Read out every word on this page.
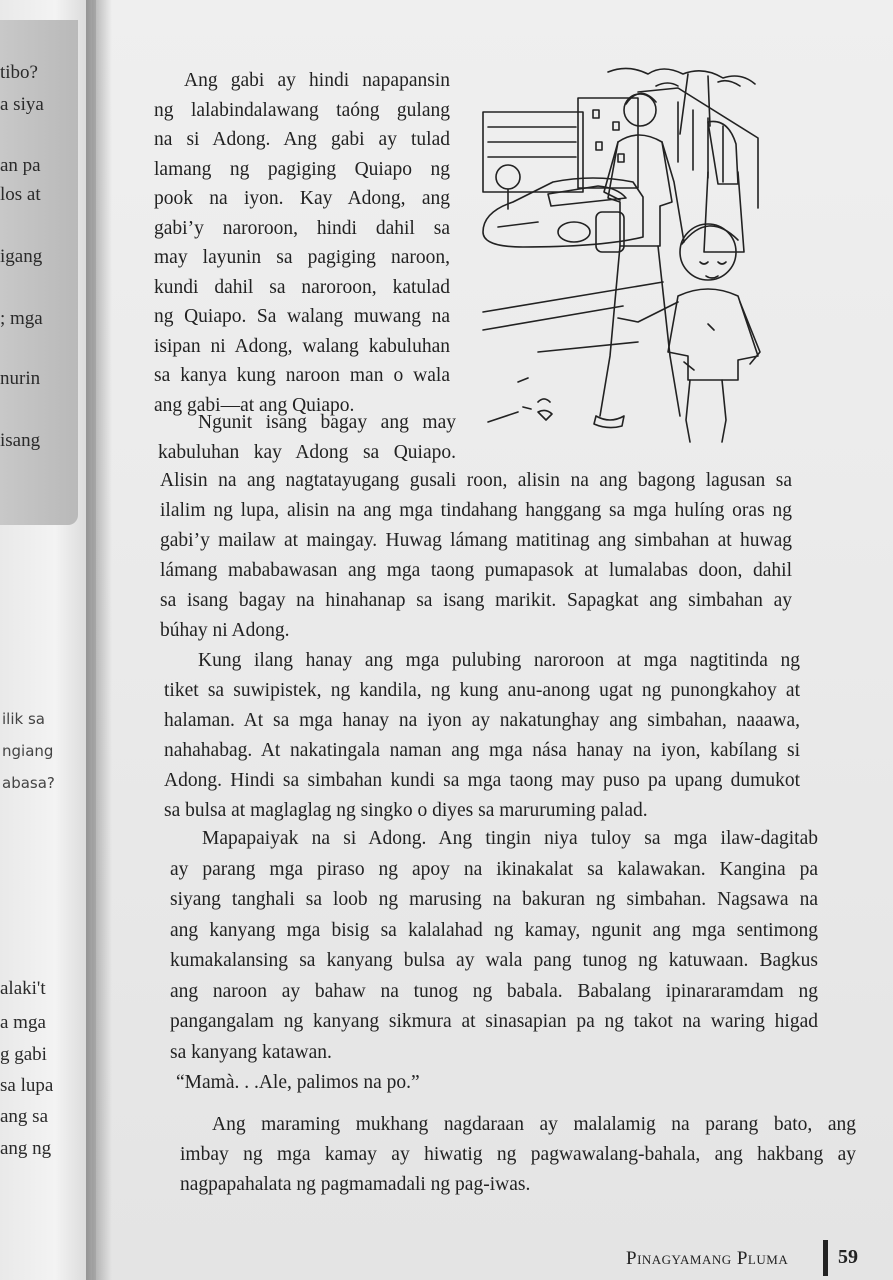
tibo?
a siya
an pa
los at
igang
; mga
nurin
isang
ilik sa
ngiang
abasa?
alaki't
a mga
g gabi
sa lupa
ang sa
ang ng
Ang gabi ay hindi napapansin
ng lalabindalawang taóng gulang
na si Adong. Ang gabi ay tulad
lamang ng pagiging Quiapo ng
pook na iyon. Kay Adong, ang
gabi’y naroroon, hindi dahil sa
may layunin sa pagiging naroon,
kundi dahil sa naroroon, katulad
ng Quiapo. Sa walang muwang na
isipan ni Adong, walang kabuluhan
sa kanya kung naroon man o wala
ang gabi—at ang Quiapo.
Ngunit isang bagay ang may
kabuluhan kay Adong sa Quiapo.
Alisin na ang nagtatayugang gusali roon, alisin na ang bagong lagusan sa
ilalim ng lupa, alisin na ang mga tindahang hanggang sa mga hulíng oras ng
gabi’y mailaw at maingay. Huwag lámang matitinag ang simbahan at huwag
lámang mababawasan ang mga taong pumapasok at lumalabas doon, dahil
sa isang bagay na hinahanap sa isang marikit. Sapagkat ang simbahan ay
búhay ni Adong.
Kung ilang hanay ang mga pulubing naroroon at mga nagtitinda ng
tiket sa suwipistek, ng kandila, ng kung anu-anong ugat ng punongkahoy at
halaman. At sa mga hanay na iyon ay nakatunghay ang simbahan, naaawa,
nahahabag. At nakatingala naman ang mga nása hanay na iyon, kabílang si
Adong. Hindi sa simbahan kundi sa mga taong may puso pa upang dumukot
sa bulsa at maglaglag ng singko o diyes sa maruruming palad.
Mapapaiyak na si Adong. Ang tingin niya tuloy sa mga ilaw-dagitab
ay parang mga piraso ng apoy na ikinakalat sa kalawakan. Kangina pa
siyang tanghali sa loob ng marusing na bakuran ng simbahan. Nagsawa na
ang kanyang mga bisig sa kalalahad ng kamay, ngunit ang mga sentimong
kumakalansing sa kanyang bulsa ay wala pang tunog ng katuwaan. Bagkus
ang naroon ay bahaw na tunog ng babala. Babalang ipinararamdam ng
pangangalam ng kanyang sikmura at sinasapian pa ng takot na waring higad
sa kanyang katawan.
“Mamà. . .Ale, palimos na po.”
Ang maraming mukhang nagdaraan ay malalamig na parang bato, ang
imbay ng mga kamay ay hiwatig ng pagwawalang-bahala, ang hakbang ay
nagpapahalata ng pagmamadali ng pag-iwas.
Pinagyamang Pluma 59
